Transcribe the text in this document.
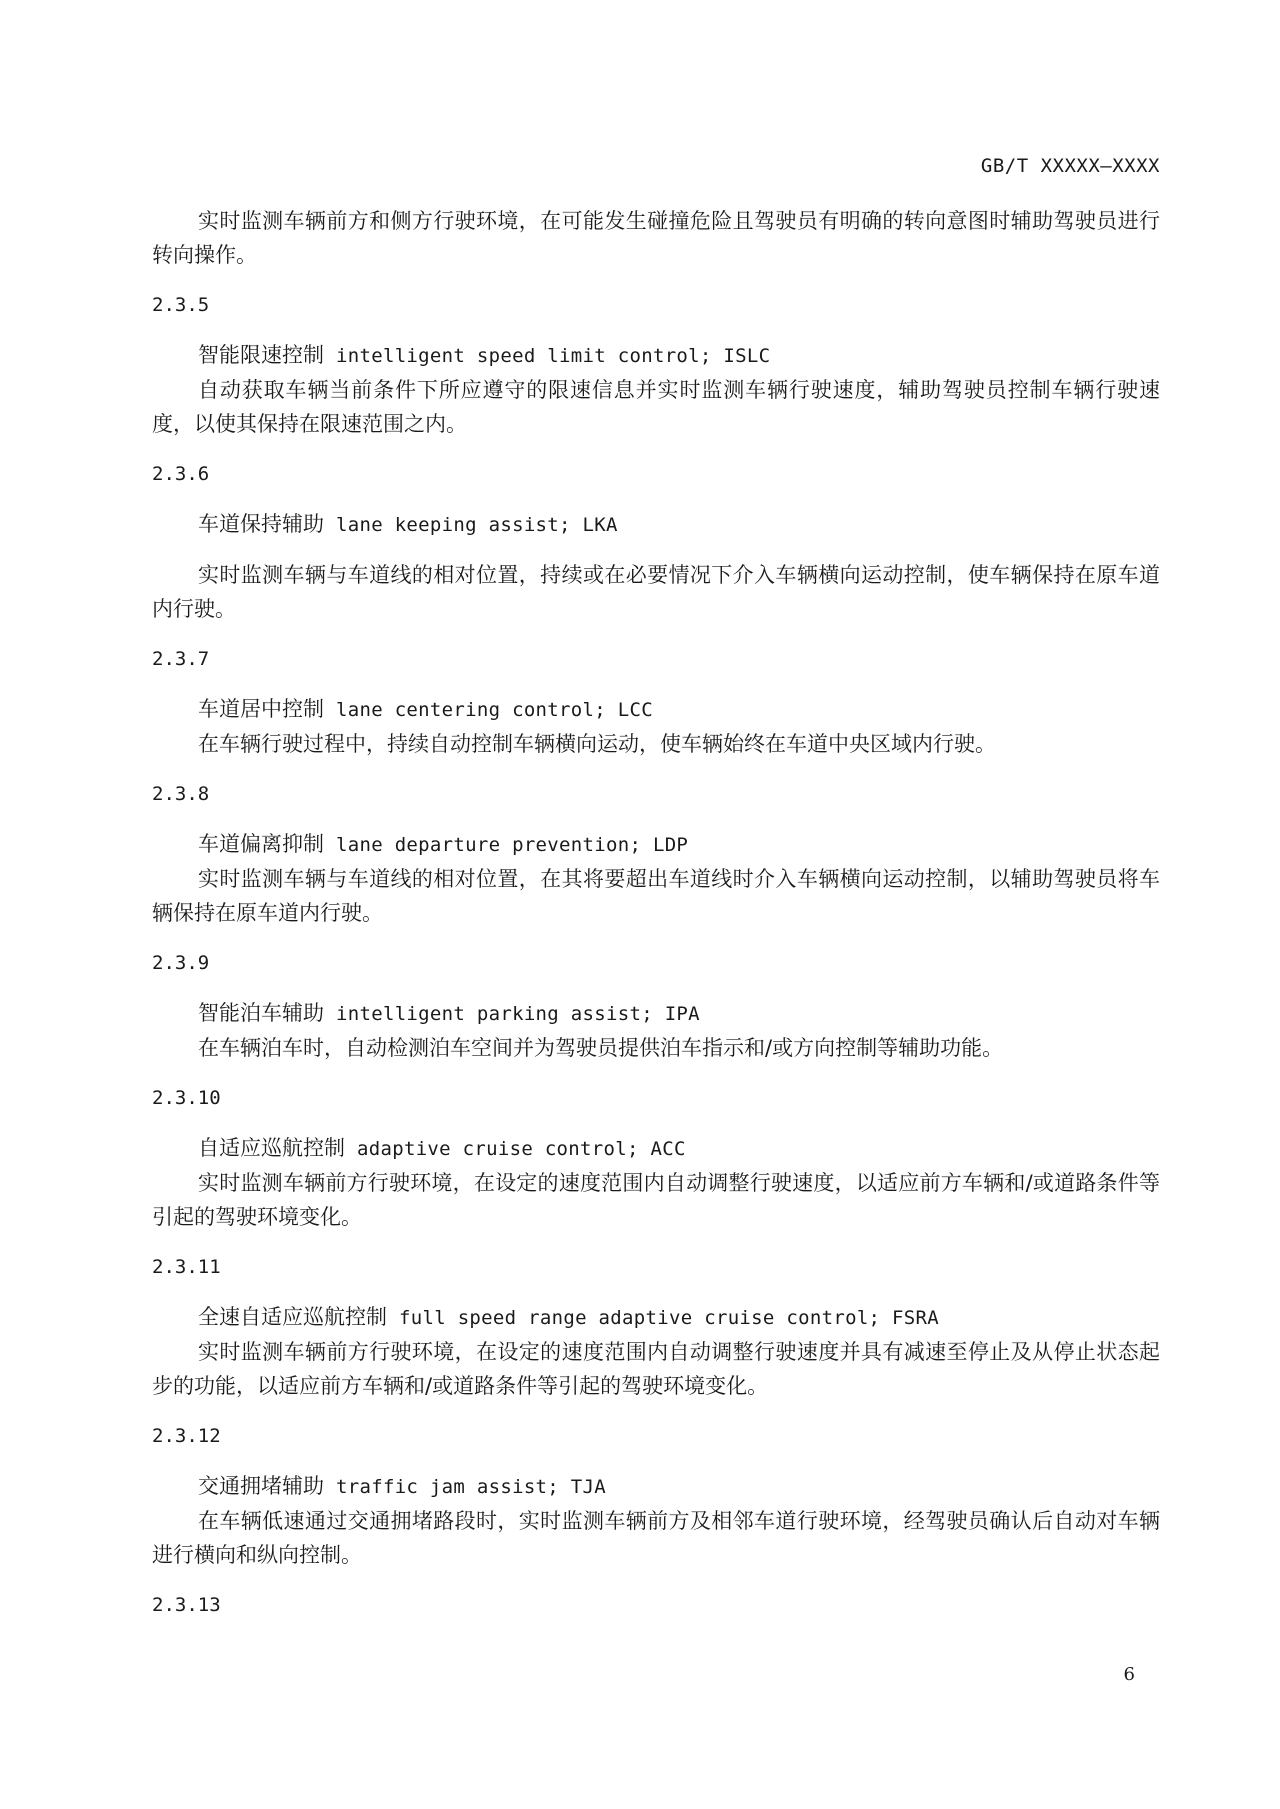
GB/T XXXXX—XXXX

实时监测车辆前方和侧方行驶环境，在可能发生碰撞危险且驾驶员有明确的转向意图时辅助驾驶员进行转向操作。

2.3.5

智能限速控制 intelligent speed limit control; ISLC

自动获取车辆当前条件下所应遵守的限速信息并实时监测车辆行驶速度，辅助驾驶员控制车辆行驶速度，以使其保持在限速范围之内。

2.3.6

车道保持辅助 lane keeping assist; LKA

实时监测车辆与车道线的相对位置，持续或在必要情况下介入车辆横向运动控制，使车辆保持在原车道内行驶。

2.3.7

车道居中控制 lane centering control; LCC

在车辆行驶过程中，持续自动控制车辆横向运动，使车辆始终在车道中央区域内行驶。

2.3.8

车道偏离抑制 lane departure prevention; LDP

实时监测车辆与车道线的相对位置，在其将要超出车道线时介入车辆横向运动控制，以辅助驾驶员将车辆保持在原车道内行驶。

2.3.9

智能泊车辅助 intelligent parking assist; IPA

在车辆泊车时，自动检测泊车空间并为驾驶员提供泊车指示和/或方向控制等辅助功能。

2.3.10

自适应巡航控制 adaptive cruise control; ACC

实时监测车辆前方行驶环境，在设定的速度范围内自动调整行驶速度，以适应前方车辆和/或道路条件等引起的驾驶环境变化。

2.3.11

全速自适应巡航控制 full speed range adaptive cruise control; FSRA

实时监测车辆前方行驶环境，在设定的速度范围内自动调整行驶速度并具有减速至停止及从停止状态起步的功能，以适应前方车辆和/或道路条件等引起的驾驶环境变化。

2.3.12

交通拥堵辅助 traffic jam assist; TJA

在车辆低速通过交通拥堵路段时，实时监测车辆前方及相邻车道行驶环境，经驾驶员确认后自动对车辆进行横向和纵向控制。

2.3.13
6
